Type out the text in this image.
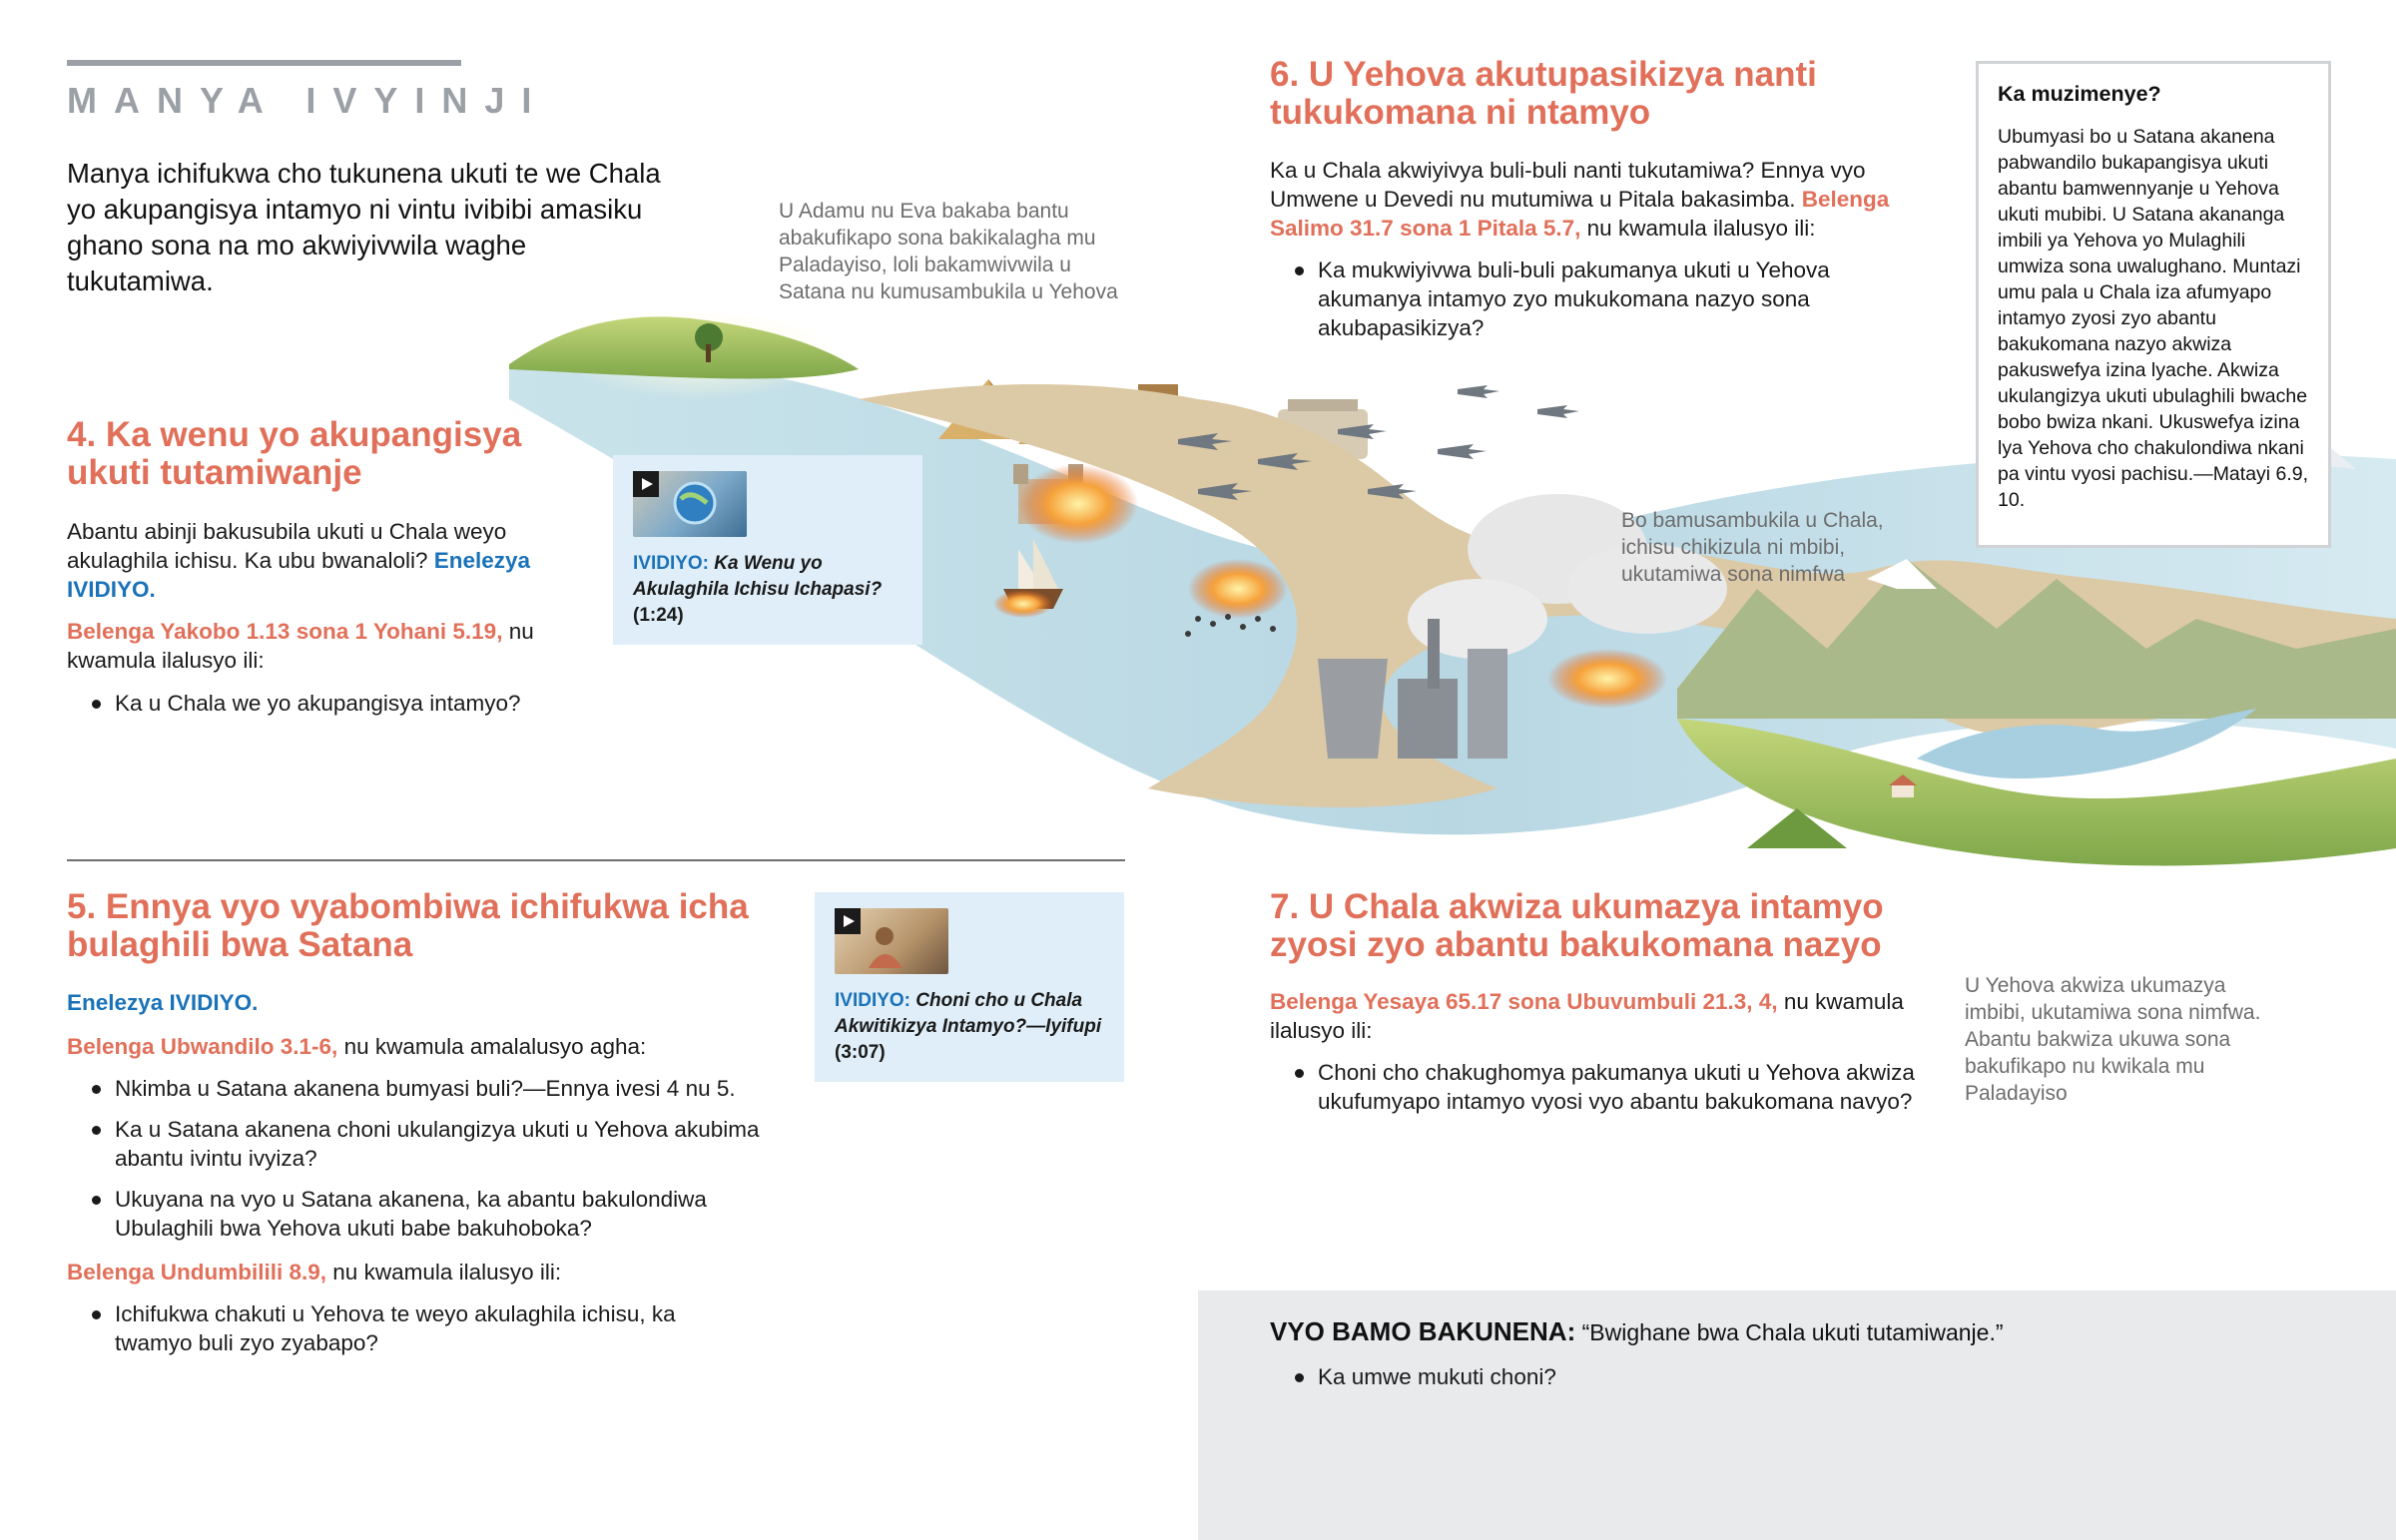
MANYA IVYINJI
Manya ichifukwa cho tukunena ukuti te we Chala yo akupangisya intamyo ni vintu ivibibi amasiku ghano sona na mo akwiyivwila waghe tukutamiwa.
U Adamu nu Eva bakaba bantu abakufikapo sona bakikalagha mu Paladayiso, loli bakamwivwila u Satana nu kumusambukila u Yehova
Bo bamusambukila u Chala, ichisu chikizula ni mbibi, ukutamiwa sona nimfwa
U Yehova akwiza ukumazya imbibi, ukutamiwa sona nimfwa. Abantu bakwiza ukuwa sona bakufikapo nu kwikala mu Paladayiso
4. Ka wenu yo akupangisya ukuti tutamiwanje
Abantu abinji bakusubila ukuti u Chala weyo akulaghila ichisu. Ka ubu bwanaloli? Enelezya IVIDIYO.
Belenga Yakobo 1.13 sona 1 Yohani 5.19, nu kwamula ilalusyo ili:
Ka u Chala we yo akupangisya intamyo?
IVIDIYO: Ka Wenu yo Akulaghila Ichisu Ichapasi?
(1:24)
5. Ennya vyo vyabombiwa ichifukwa icha bulaghili bwa Satana
Enelezya IVIDIYO.
Belenga Ubwandilo 3.1-6, nu kwamula amalalusyo agha:
Nkimba u Satana akanena bumyasi buli?—Ennya ivesi 4 nu 5.
Ka u Satana akanena choni ukulangizya ukuti u Yehova akubima abantu ivintu ivyiza?
Ukuyana na vyo u Satana akanena, ka abantu bakulondiwa Ubulaghili bwa Yehova ukuti babe bakuhoboka?
Belenga Undumbilili 8.9, nu kwamula ilalusyo ili:
Ichifukwa chakuti u Yehova te weyo akulaghila ichisu, ka twamyo buli zyo zyabapo?
IVIDIYO: Choni cho u Chala Akwitikizya Intamyo?—Iyifupi
(3:07)
6. U Yehova akutupasikizya nanti tukukomana ni ntamyo
Ka u Chala akwiyivya buli-buli nanti tukutamiwa? Ennya vyo Umwene u Devedi nu mutumiwa u Pitala bakasimba. Belenga Salimo 31.7 sona 1 Pitala 5.7, nu kwamula ilalusyo ili:
Ka mukwiyivwa buli-buli pakumanya ukuti u Yehova akumanya intamyo zyo mukukomana nazyo sona akubapasikizya?
Ka muzimenye?
Ubumyasi bo u Satana akanena pabwandilo bukapangisya ukuti abantu bamwennyanje u Yehova ukuti mubibi. U Satana akananga imbili ya Yehova yo Mulaghili umwiza sona uwalughano. Muntazi umu pala u Chala iza afumyapo intamyo zyosi zyo abantu bakukomana nazyo akwiza pakuswefya izina lyache. Akwiza ukulangizya ukuti ubulaghili bwache bobo bwiza nkani. Ukuswefya izina lya Yehova cho chakulondiwa nkani pa vintu vyosi pachisu.—Matayi 6.9, 10.
7. U Chala akwiza ukumazya intamyo zyosi zyo abantu bakukomana nazyo
Belenga Yesaya 65.17 sona Ubuvumbuli 21.3, 4, nu kwamula ilalusyo ili:
Choni cho chakughomya pakumanya ukuti u Yehova akwiza ukufumyapo intamyo vyosi vyo abantu bakukomana navyo?
VYO BAMO BAKUNENA: “Bwighane bwa Chala ukuti tutamiwanje.”
Ka umwe mukuti choni?
